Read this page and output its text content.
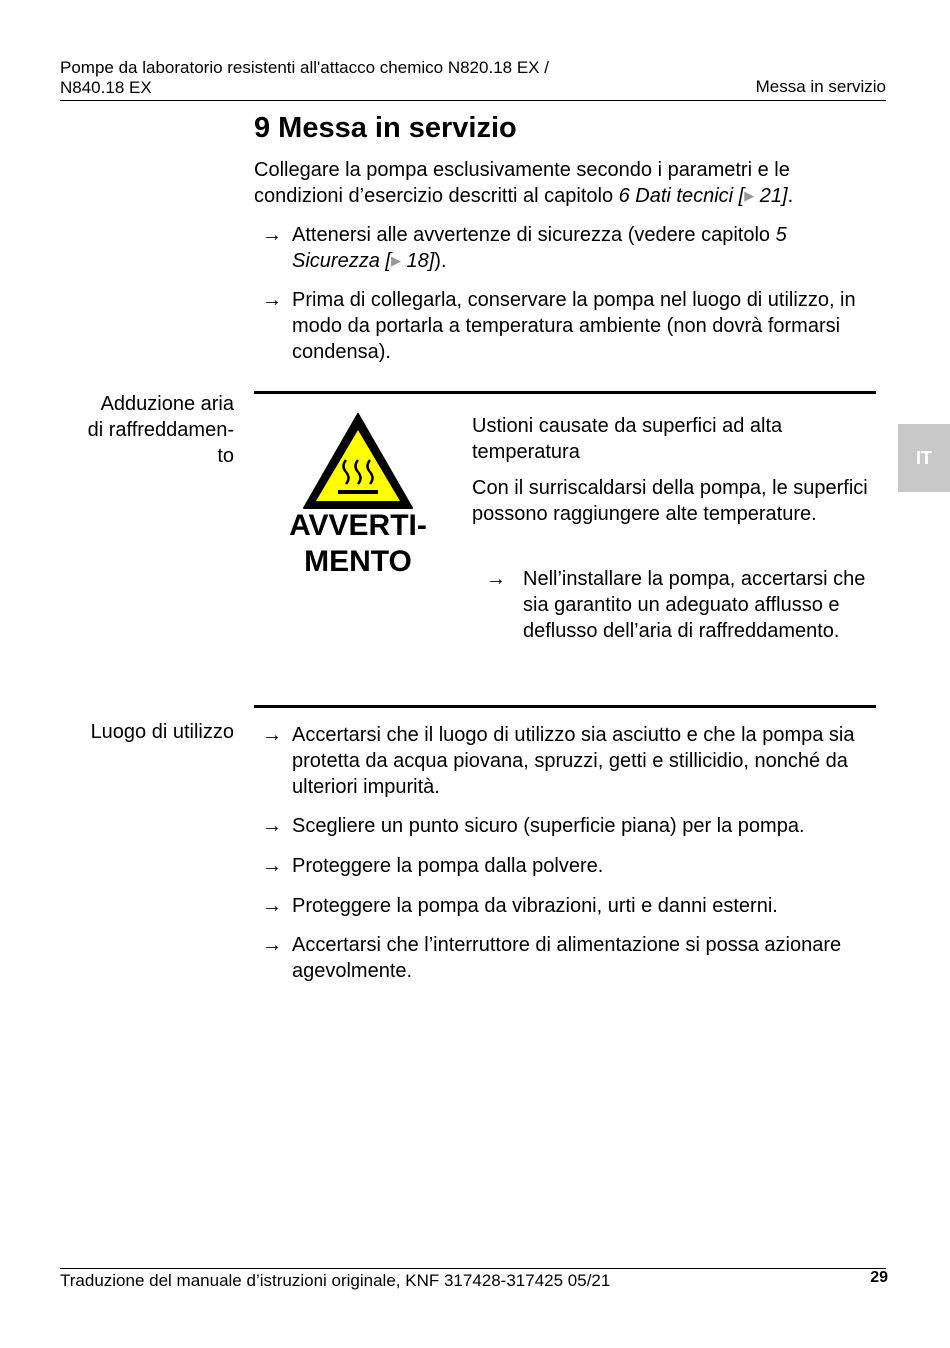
Pompe da laboratorio resistenti all'attacco chemico N820.18 EX /
N840.18 EX	Messa in servizio
IT
9 Messa in servizio
Collegare la pompa esclusivamente secondo i parametri e le condizioni d’esercizio descritti al capitolo 6 Dati tecnici [▶ 21].
→ Attenersi alle avvertenze di sicurezza (vedere capitolo 5 Sicurezza [▶ 18]).
→ Prima di collegarla, conservare la pompa nel luogo di utilizzo, in modo da portarla a temperatura ambiente (non dovrà formarsi condensa).
Adduzione aria
di raffreddamen-
to
AVVERTI-
MENTO
Ustioni causate da superfici ad alta temperatura
Con il surriscaldarsi della pompa, le superfici possono raggiungere alte temperature.
→ Nell’installare la pompa, accertarsi che sia garantito un adeguato afflusso e deflusso dell’aria di raffreddamento.
Luogo di utilizzo → Accertarsi che il luogo di utilizzo sia asciutto e che la pompa sia protetta da acqua piovana, spruzzi, getti e stillicidio, nonché da ulteriori impurità.
→ Scegliere un punto sicuro (superficie piana) per la pompa.
→ Proteggere la pompa dalla polvere.
→ Proteggere la pompa da vibrazioni, urti e danni esterni.
→ Accertarsi che l’interruttore di alimentazione si possa azionare agevolmente.
Traduzione del manuale d’istruzioni originale, KNF 317428-317425 05/21	29
